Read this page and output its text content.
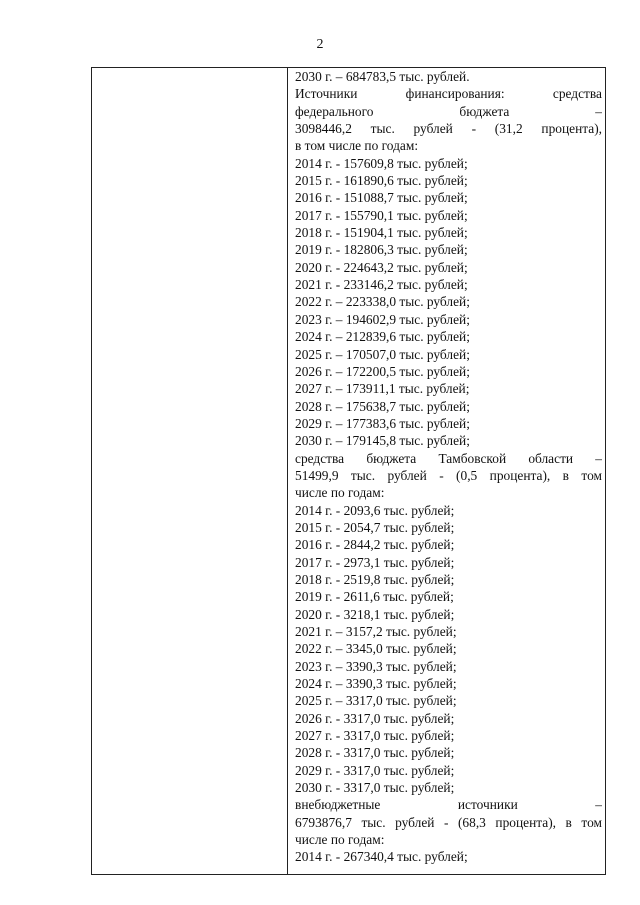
2
2030 г. – 684783,5 тыс. рублей.
Источники финансирования: средства
федерального бюджета –
3098446,2 тыс. рублей - (31,2 процента),
в том числе по годам:
2014 г. - 157609,8 тыс. рублей;
2015 г. - 161890,6 тыс. рублей;
2016 г. - 151088,7 тыс. рублей;
2017 г. - 155790,1 тыс. рублей;
2018 г. - 151904,1 тыс. рублей;
2019 г. - 182806,3 тыс. рублей;
2020 г. - 224643,2 тыс. рублей;
2021 г. - 233146,2 тыс. рублей;
2022 г. – 223338,0 тыс. рублей;
2023 г. – 194602,9 тыс. рублей;
2024 г. – 212839,6 тыс. рублей;
2025 г. – 170507,0 тыс. рублей;
2026 г. – 172200,5 тыс. рублей;
2027 г. – 173911,1 тыс. рублей;
2028 г. – 175638,7 тыс. рублей;
2029 г. – 177383,6 тыс. рублей;
2030 г. – 179145,8 тыс. рублей;
средства бюджета Тамбовской области –
51499,9 тыс. рублей - (0,5 процента), в том
числе по годам:
2014 г. - 2093,6 тыс. рублей;
2015 г. - 2054,7 тыс. рублей;
2016 г. - 2844,2 тыс. рублей;
2017 г. - 2973,1 тыс. рублей;
2018 г. - 2519,8 тыс. рублей;
2019 г. - 2611,6 тыс. рублей;
2020 г. - 3218,1 тыс. рублей;
2021 г. – 3157,2 тыс. рублей;
2022 г. – 3345,0 тыс. рублей;
2023 г. – 3390,3 тыс. рублей;
2024 г. – 3390,3 тыс. рублей;
2025 г. – 3317,0 тыс. рублей;
2026 г. - 3317,0 тыс. рублей;
2027 г. - 3317,0 тыс. рублей;
2028 г. - 3317,0 тыс. рублей;
2029 г. - 3317,0 тыс. рублей;
2030 г. - 3317,0 тыс. рублей;
внебюджетные источники –
6793876,7 тыс. рублей - (68,3 процента), в том
числе по годам:
2014 г. - 267340,4 тыс. рублей;
